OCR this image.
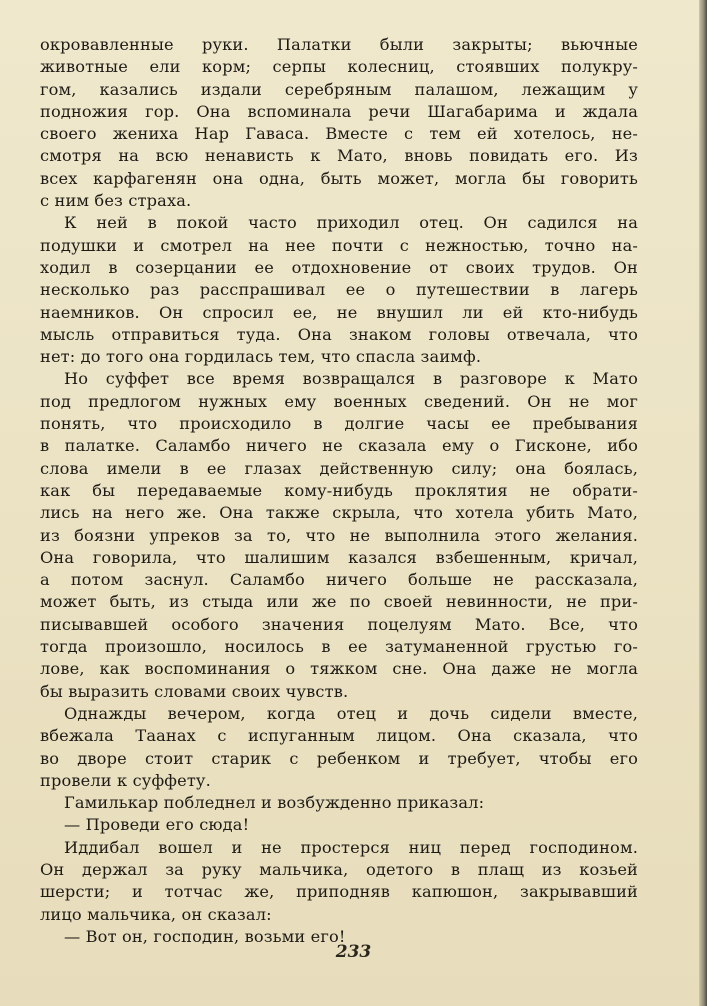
окровавленные руки. Палатки были закрыты; вьючные
животные ели корм; серпы колесниц, стоявших полукру-
гом, казались издали серебряным палашом, лежащим у
подножия гор. Она вспоминала речи Шагабарима и ждала
своего жениха Нар Гаваса. Вместе с тем ей хотелось, не-
смотря на всю ненависть к Мато, вновь повидать его. Из
всех карфагенян она одна, быть может, могла бы говорить
с ним без страха.
К ней в покой часто приходил отец. Он садился на
подушки и смотрел на нее почти с нежностью, точно на-
ходил в созерцании ее отдохновение от своих трудов. Он
несколько раз расспрашивал ее о путешествии в лагерь
наемников. Он спросил ее, не внушил ли ей кто-нибудь
мысль отправиться туда. Она знаком головы отвечала, что
нет: до того она гордилась тем, что спасла заимф.
Но суффет все время возвращался в разговоре к Мато
под предлогом нужных ему военных сведений. Он не мог
понять, что происходило в долгие часы ее пребывания
в палатке. Саламбо ничего не сказала ему о Гисконе, ибо
слова имели в ее глазах действенную силу; она боялась,
как бы передаваемые кому-нибудь проклятия не обрати-
лись на него же. Она также скрыла, что хотела убить Мато,
из боязни упреков за то, что не выполнила этого желания.
Она говорила, что шалишим казался взбешенным, кричал,
а потом заснул. Саламбо ничего больше не рассказала,
может быть, из стыда или же по своей невинности, не при-
писывавшей особого значения поцелуям Мато. Все, что
тогда произошло, носилось в ее затуманенной грустью го-
лове, как воспоминания о тяжком сне. Она даже не могла
бы выразить словами своих чувств.
Однажды вечером, когда отец и дочь сидели вместе,
вбежала Таанах с испуганным лицом. Она сказала, что
во дворе стоит старик с ребенком и требует, чтобы его
провели к суффету.
Гамилькар побледнел и возбужденно приказал:
— Проведи его сюда!
Иддибал вошел и не простерся ниц перед господином.
Он держал за руку мальчика, одетого в плащ из козьей
шерсти; и тотчас же, приподняв капюшон, закрывавший
лицо мальчика, он сказал:
— Вот он, господин, возьми его!
233
